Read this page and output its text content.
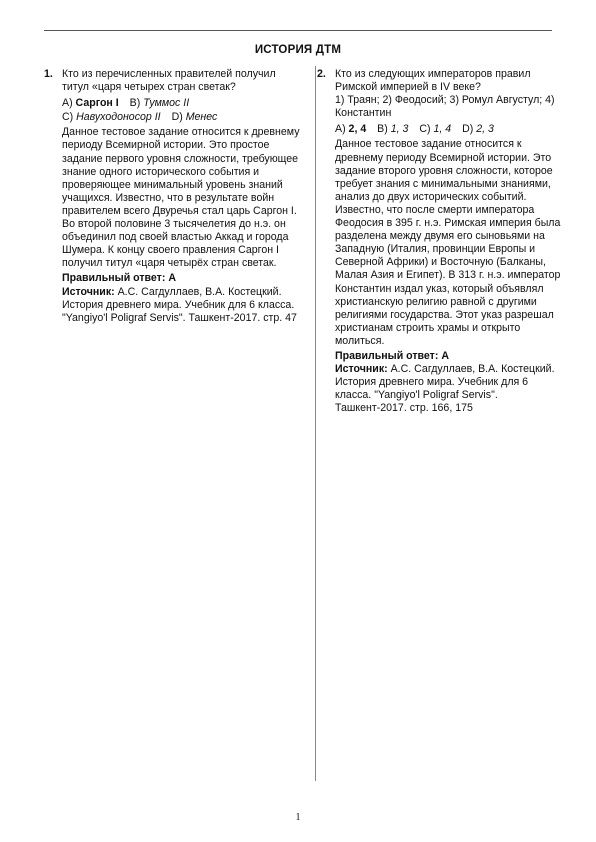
ИСТОРИЯ ДТМ
1. Кто из перечисленных правителей получил титул «царя четырех стран светак?

A) Саргон I B) Туммос II
C) Навуходоносор II D) Менес

Данное тестовое задание относится к древнему периоду Всемирной истории. Это простое задание первого уровня сложности, требующее знание одного исторического события и проверяющее минимальный уровень знаний учащихся. Известно, что в результате войн правителем всего Двуречья стал царь Саргон I. Во второй половине 3 тысячелетия до н.э. он объединил под своей властью Аккад и города Шумера. К концу своего правления Саргон I получил титул «царя четырёх стран светак.

Правильный ответ: A

Источник: А.С. Сагдуллаев, В.А. Костецкий. История древнего мира. Учебник для 6 класса. "Yangiyo'l Poligraf Servis". Ташкент-2017. стр. 47

2. Кто из следующих императоров правил Римской империей в IV веке?

1) Траян; 2) Феодосий; 3) Ромул Августул; 4) Константин

A) 2, 4 B) 1, 3 C) 1, 4 D) 2, 3

Данное тестовое задание относится к древнему периоду Всемирной истории. Это задание второго уровня сложности, которое требует знания с минимальными знаниями, анализ до двух исторических событий. Известно, что после смерти императора Феодосия в 395 г. н.э. Римская империя была разделена между двумя его сыновьями на Западную (Италия, провинции Европы и Северной Африки) и Восточную (Балканы, Малая Азия и Египет). В 313 г. н.э. император Константин издал указ, который объявлял христианскую религию равной с другими религиями государства. Этот указ разрешал христианам строить храмы и открыто молиться.

Правильный ответ: A

Источник: А.С. Сагдуллаев, В.А. Костецкий. История древнего мира. Учебник для 6 класса. "Yangiyo'l Poligraf Servis". Ташкент-2017. стр. 166, 175

1
